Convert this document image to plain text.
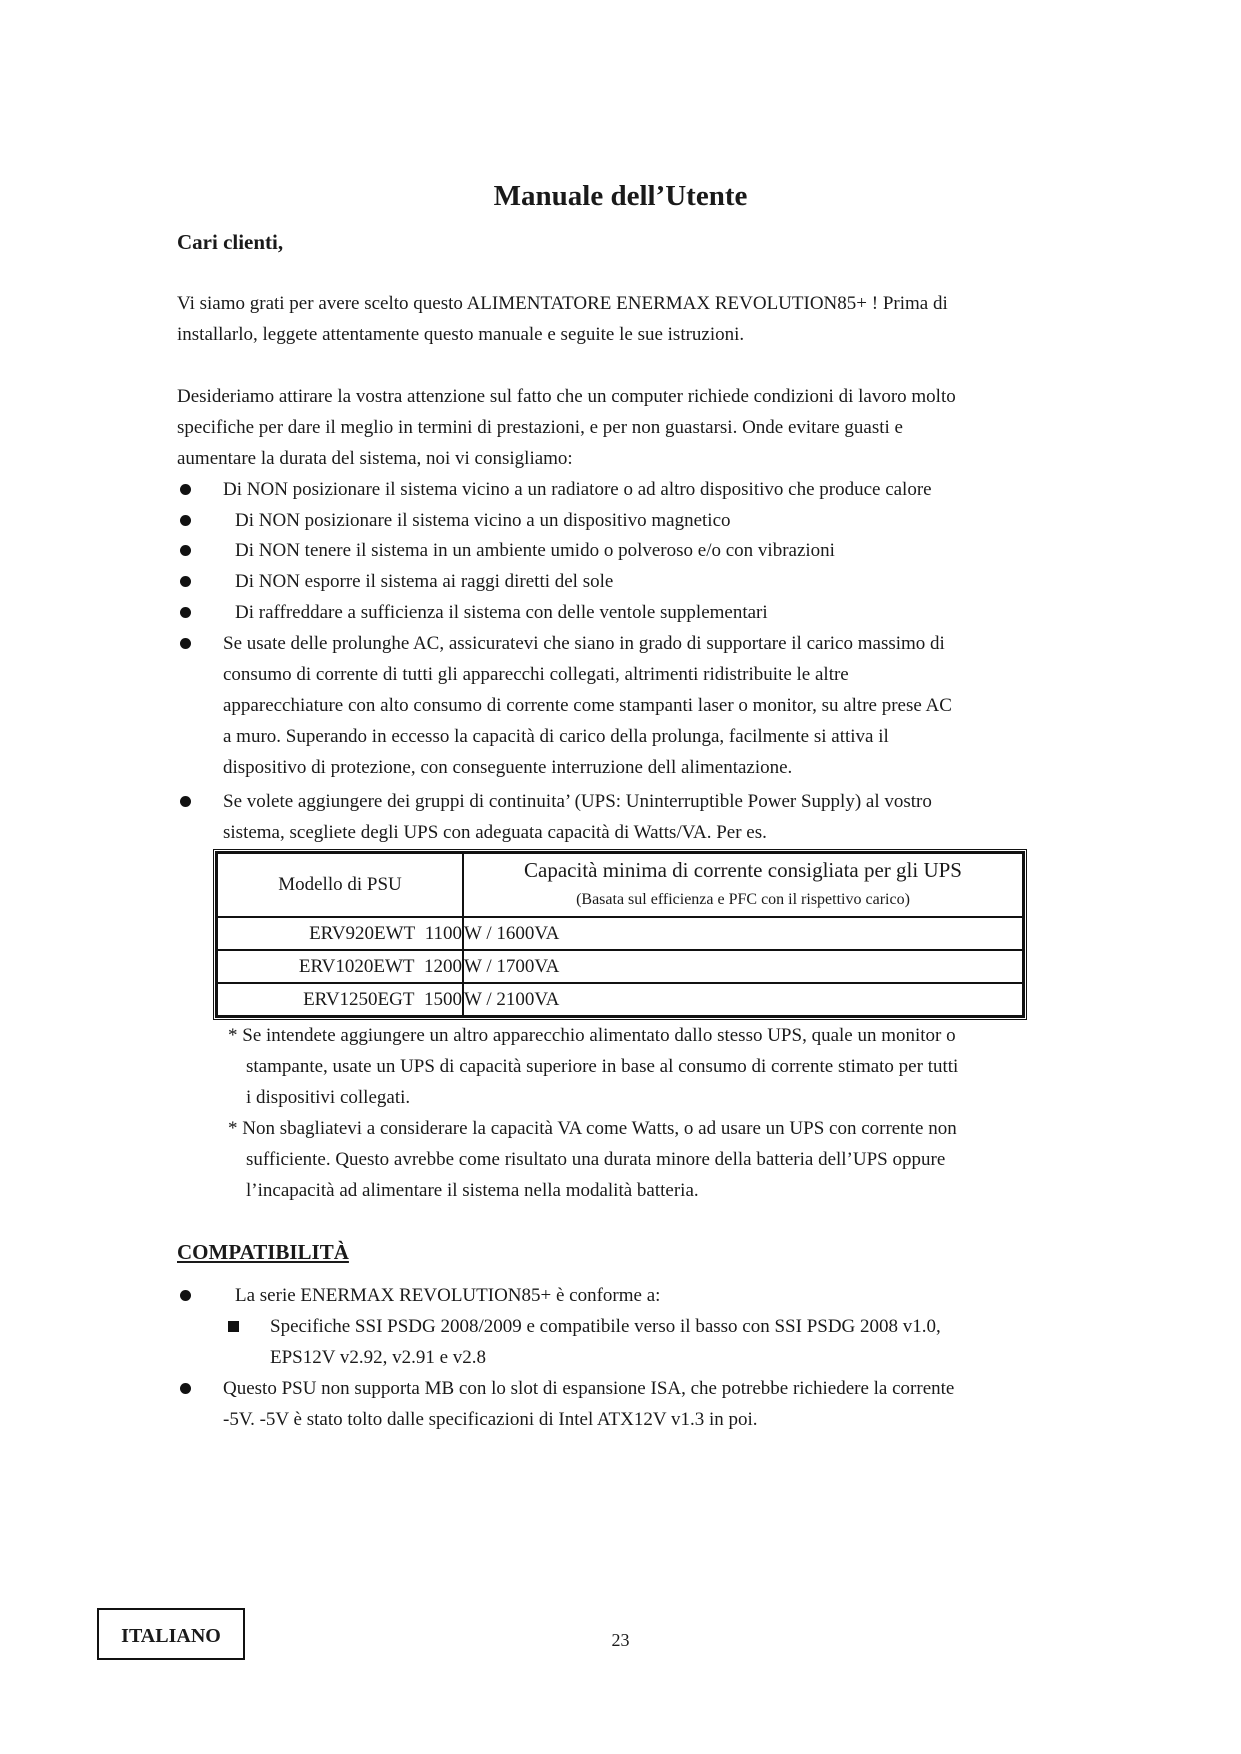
Manuale dell’Utente
Cari clienti,
Vi siamo grati per avere scelto questo ALIMENTATORE ENERMAX REVOLUTION85+ ! Prima di
installarlo, leggete attentamente questo manuale e seguite le sue istruzioni.
Desideriamo attirare la vostra attenzione sul fatto che un computer richiede condizioni di lavoro molto
specifiche per dare il meglio in termini di prestazioni, e per non guastarsi. Onde evitare guasti e
aumentare la durata del sistema, noi vi consigliamo:
Di NON posizionare il sistema vicino a un radiatore o ad altro dispositivo che produce calore
Di NON posizionare il sistema vicino a un dispositivo magnetico
Di NON tenere il sistema in un ambiente umido o polveroso e/o con vibrazioni
Di NON esporre il sistema ai raggi diretti del sole
Di raffreddare a sufficienza il sistema con delle ventole supplementari
Se usate delle prolunghe AC, assicuratevi che siano in grado di supportare il carico massimo di
consumo di corrente di tutti gli apparecchi collegati, altrimenti ridistribuite le altre
apparecchiature con alto consumo di corrente come stampanti laser o monitor, su altre prese AC
a muro. Superando in eccesso la capacità di carico della prolunga, facilmente si attiva il
dispositivo di protezione, con conseguente interruzione dell alimentazione.
Se volete aggiungere dei gruppi di continuita’ (UPS: Uninterruptible Power Supply) al vostro
sistema, scegliete degli UPS con adeguata capacità di Watts/VA. Per es.
Modello di PSU	Capacità minima di corrente consigliata per gli UPS
(Basata sul efficienza e PFC con il rispettivo carico)

ERV920EWT 1100	W / 1600VA
ERV1020EWT 1200	W / 1700VA
ERV1250EGT 1500	W / 2100VA
* Se intendete aggiungere un altro apparecchio alimentato dallo stesso UPS, quale un monitor o
stampante, usate un UPS di capacità superiore in base al consumo di corrente stimato per tutti
i dispositivi collegati.
* Non sbagliatevi a considerare la capacità VA come Watts, o ad usare un UPS con corrente non
sufficiente. Questo avrebbe come risultato una durata minore della batteria dell’UPS oppure
l’incapacità ad alimentare il sistema nella modalità batteria.
COMPATIBILITÀ
La serie ENERMAX REVOLUTION85+ è conforme a:
Specifiche SSI PSDG 2008/2009 e compatibile verso il basso con SSI PSDG 2008 v1.0,
EPS12V v2.92, v2.91 e v2.8
Questo PSU non supporta MB con lo slot di espansione ISA, che potrebbe richiedere la corrente
-5V. -5V è stato tolto dalle specificazioni di Intel ATX12V v1.3 in poi.
ITALIANO	23
